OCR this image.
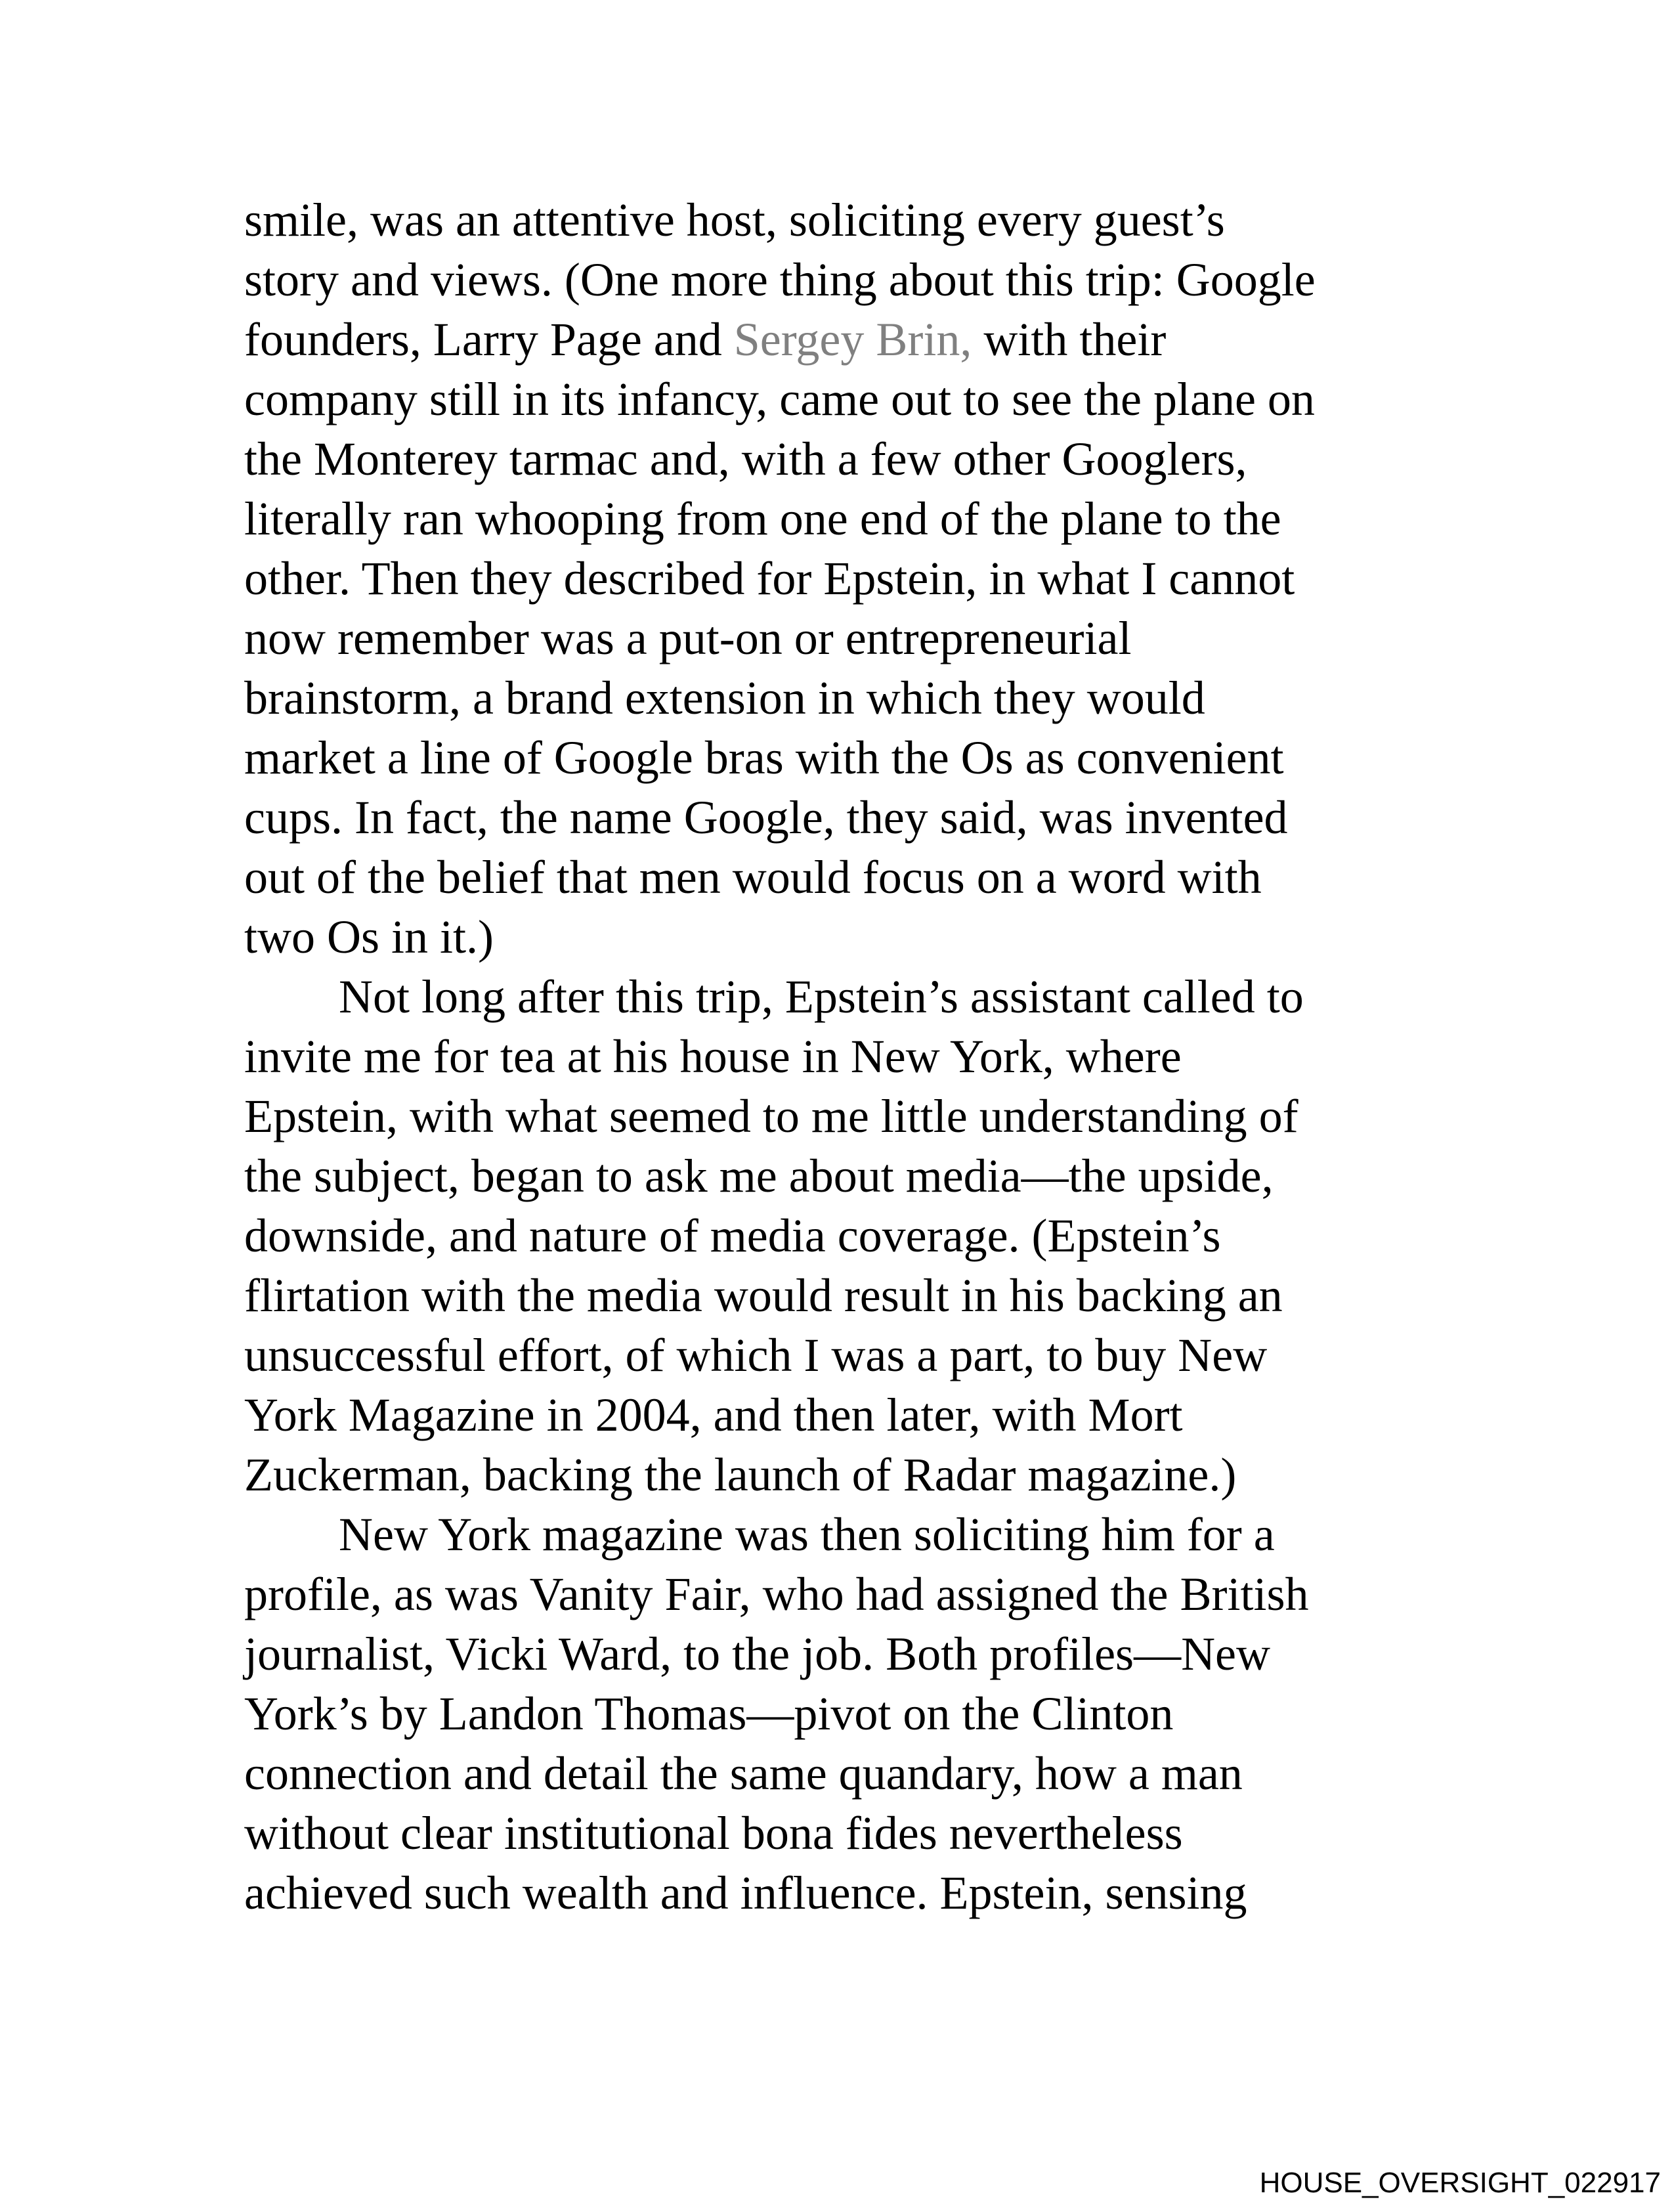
smile, was an attentive host, soliciting every guest’s
story and views. (One more thing about this trip: Google
founders, Larry Page and Sergey Brin, with their
company still in its infancy, came out to see the plane on
the Monterey tarmac and, with a few other Googlers,
literally ran whooping from one end of the plane to the
other. Then they described for Epstein, in what I cannot
now remember was a put-on or entrepreneurial
brainstorm, a brand extension in which they would
market a line of Google bras with the Os as convenient
cups. In fact, the name Google, they said, was invented
out of the belief that men would focus on a word with
two Os in it.)
Not long after this trip, Epstein’s assistant called to
invite me for tea at his house in New York, where
Epstein, with what seemed to me little understanding of
the subject, began to ask me about media—the upside,
downside, and nature of media coverage. (Epstein’s
flirtation with the media would result in his backing an
unsuccessful effort, of which I was a part, to buy New
York Magazine in 2004, and then later, with Mort
Zuckerman, backing the launch of Radar magazine.)
New York magazine was then soliciting him for a
profile, as was Vanity Fair, who had assigned the British
journalist, Vicki Ward, to the job. Both profiles—New
York’s by Landon Thomas—pivot on the Clinton
connection and detail the same quandary, how a man
without clear institutional bona fides nevertheless
achieved such wealth and influence. Epstein, sensing
HOUSE_OVERSIGHT_022917
